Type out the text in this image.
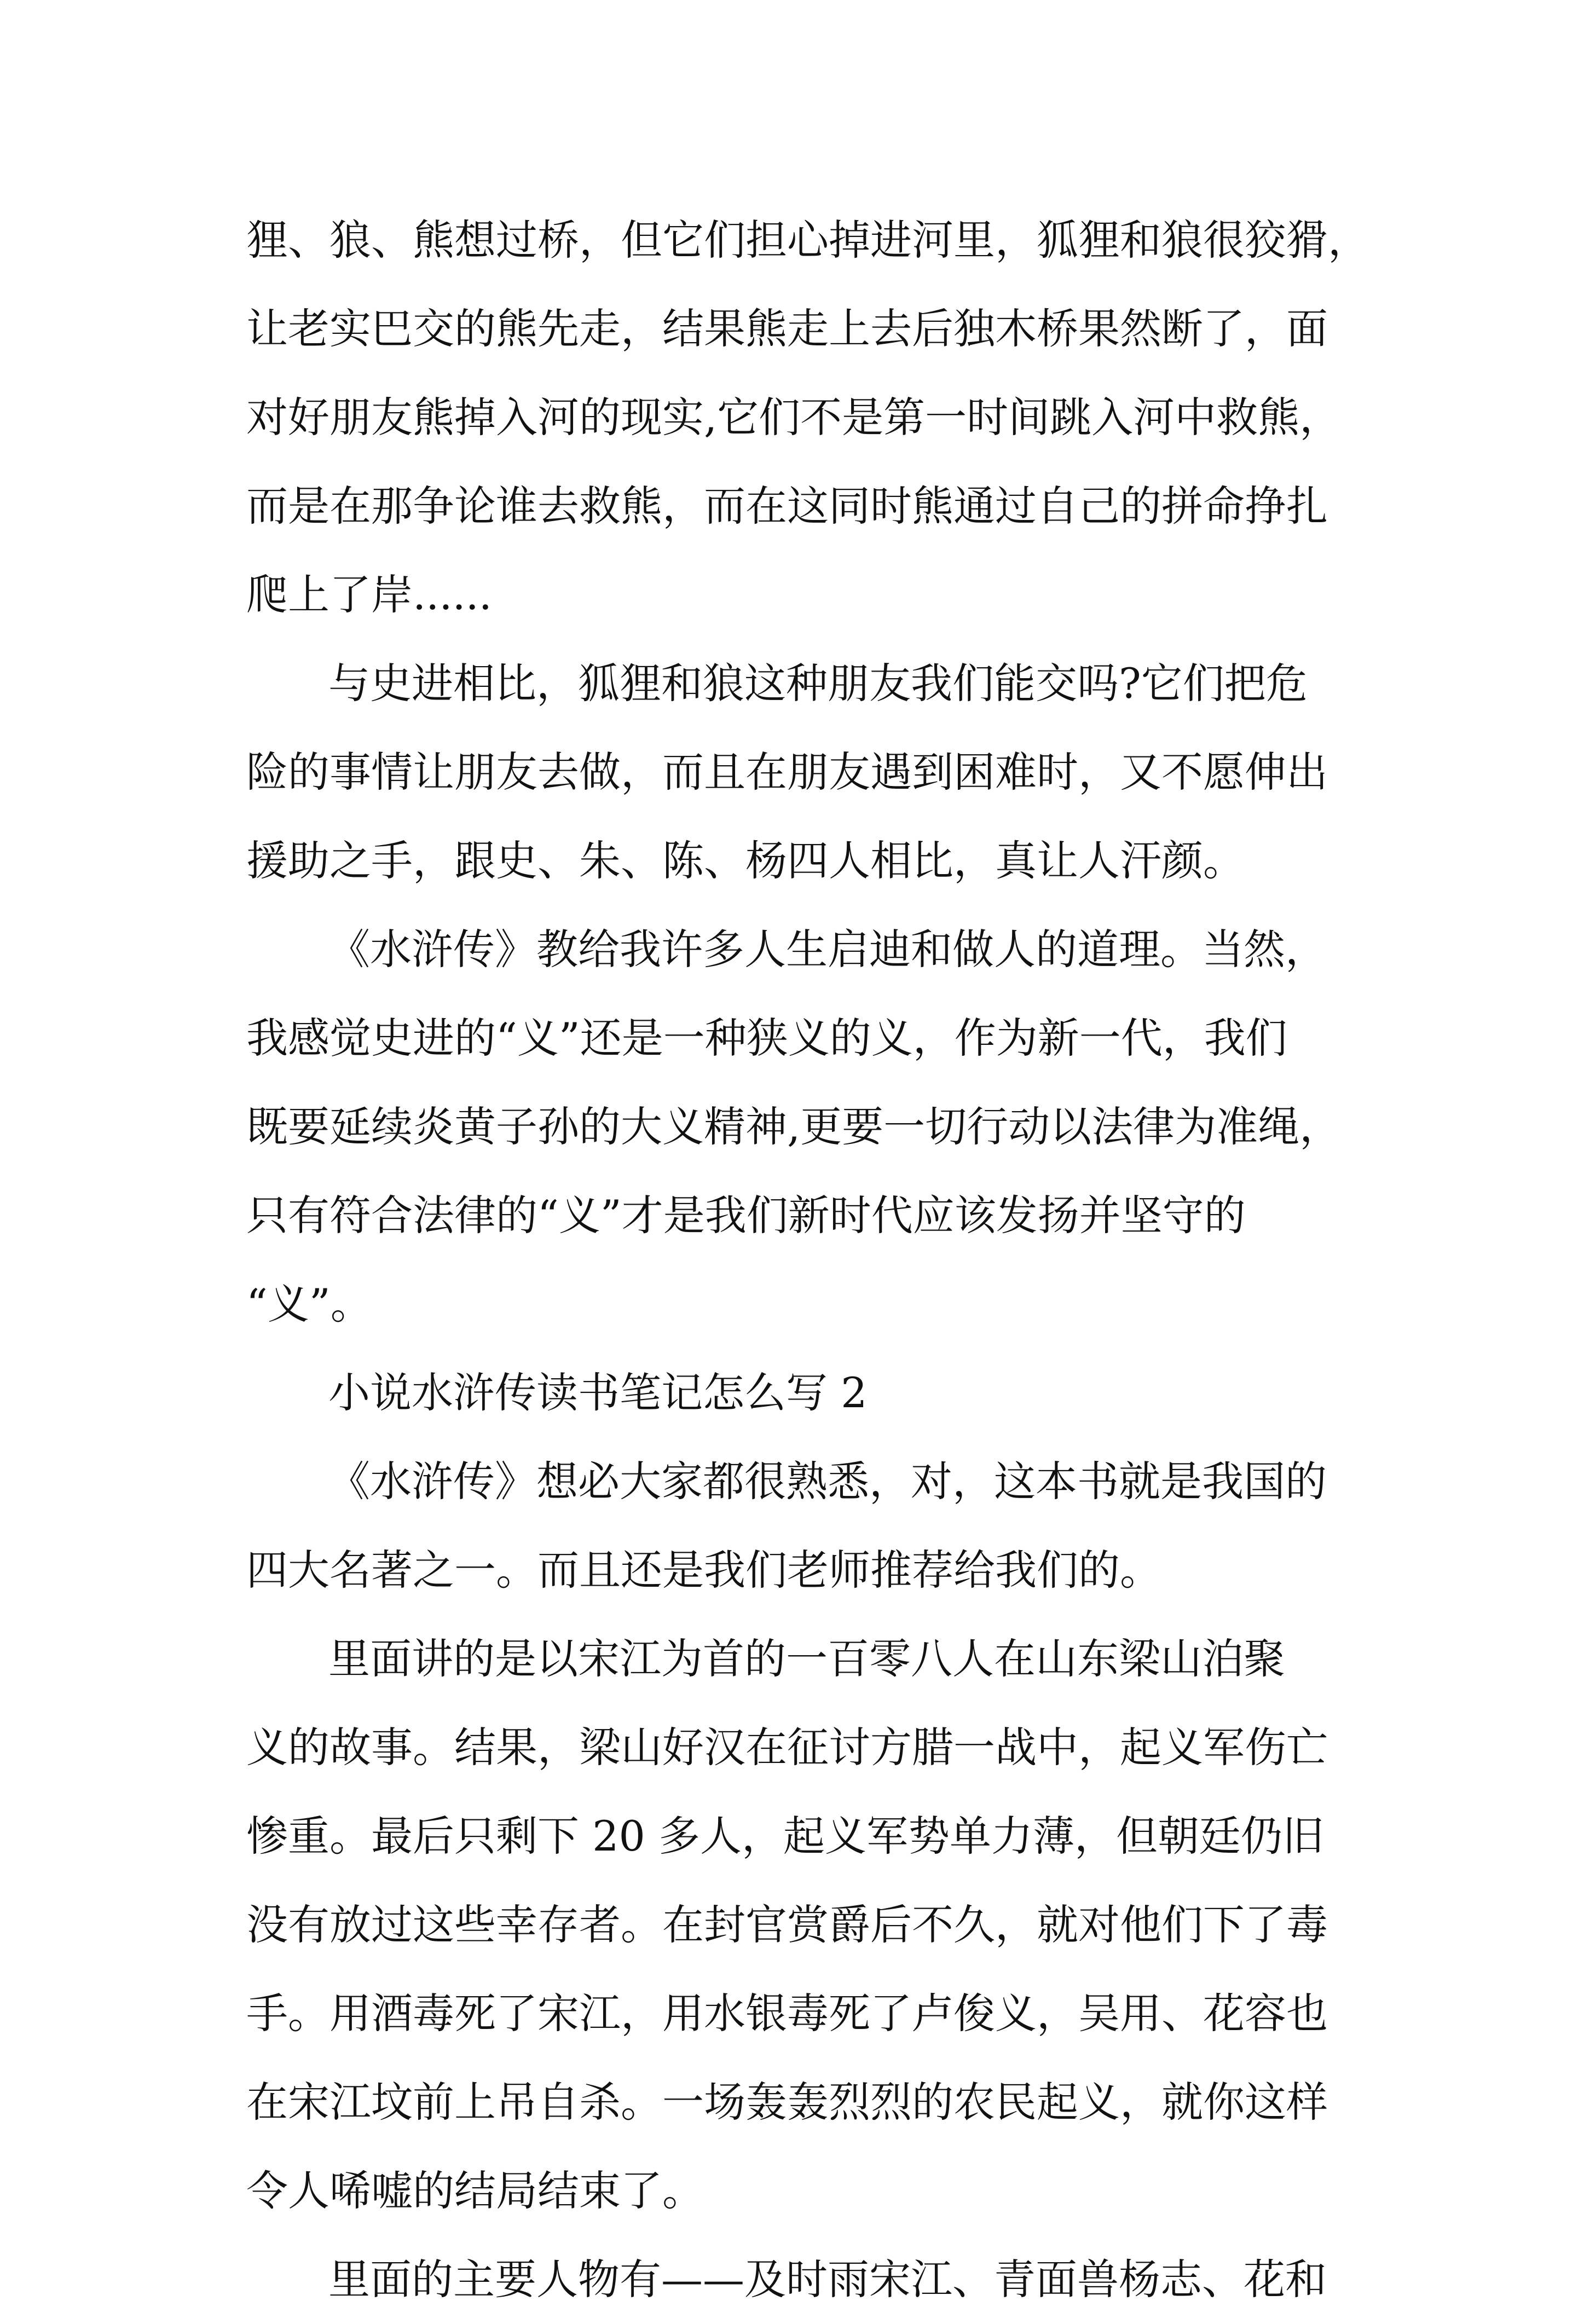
狸、狼、熊想过桥，但它们担心掉进河里，狐狸和狼很狡猾，
让老实巴交的熊先走，结果熊走上去后独木桥果然断了，面
对好朋友熊掉入河的现实,它们不是第一时间跳入河中救熊，
而是在那争论谁去救熊，而在这同时熊通过自己的拼命挣扎
爬上了岸......
与史进相比，狐狸和狼这种朋友我们能交吗?它们把危
险的事情让朋友去做，而且在朋友遇到困难时，又不愿伸出
援助之手，跟史、朱、陈、杨四人相比，真让人汗颜。
《水浒传》教给我许多人生启迪和做人的道理。当然，
我感觉史进的“义”还是一种狭义的义，作为新一代，我们
既要延续炎黄子孙的大义精神,更要一切行动以法律为准绳，
只有符合法律的“义”才是我们新时代应该发扬并坚守的
“义”。
小说水浒传读书笔记怎么写 2
《水浒传》想必大家都很熟悉，对，这本书就是我国的
四大名著之一。而且还是我们老师推荐给我们的。
里面讲的是以宋江为首的一百零八人在山东梁山泊聚
义的故事。结果，梁山好汉在征讨方腊一战中，起义军伤亡
惨重。最后只剩下 20 多人，起义军势单力薄，但朝廷仍旧
没有放过这些幸存者。在封官赏爵后不久，就对他们下了毒
手。用酒毒死了宋江，用水银毒死了卢俊义，吴用、花容也
在宋江坟前上吊自杀。一场轰轰烈烈的农民起义，就你这样
令人唏嘘的结局结束了。
里面的主要人物有——及时雨宋江、青面兽杨志、花和
